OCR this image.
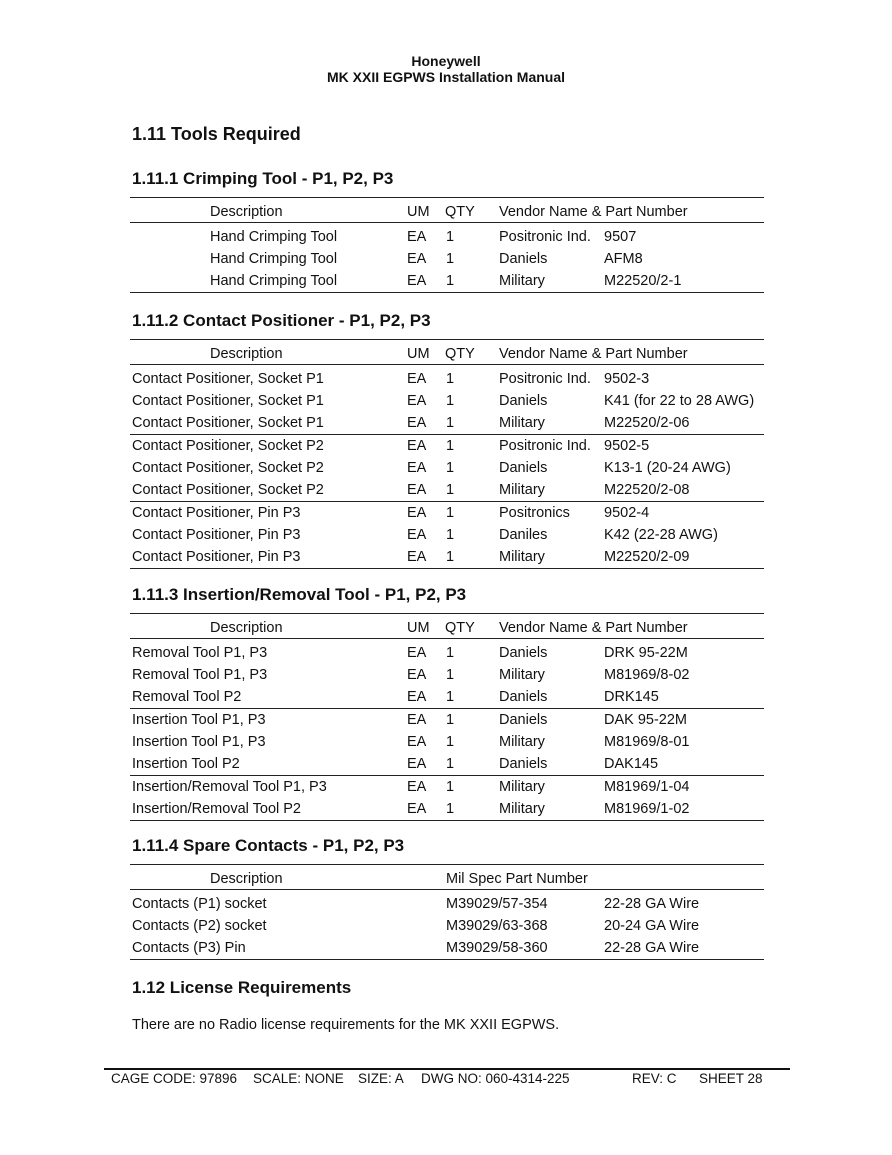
Honeywell
MK XXII EGPWS Installation Manual
1.11 Tools Required
1.11.1 Crimping Tool - P1, P2, P3
Description	UM QTY Vendor Name & Part Number
Hand Crimping Tool	EA 1	Positronic Ind. 9507
Hand Crimping Tool	EA 1	Daniels	AFM8
Hand Crimping Tool	EA 1	Military	M22520/2-1
1.11.2 Contact Positioner - P1, P2, P3
Description	UM QTY Vendor Name & Part Number
Contact Positioner, Socket P1	EA 1	Positronic Ind. 9502-3
Contact Positioner, Socket P1	EA 1	Daniels	K41 (for 22 to 28 AWG)
Contact Positioner, Socket P1	EA 1	Military	M22520/2-06
Contact Positioner, Socket P2	EA 1	Positronic Ind. 9502-5
Contact Positioner, Socket P2	EA 1	Daniels	K13-1 (20-24 AWG)
Contact Positioner, Socket P2	EA 1	Military	M22520/2-08
Contact Positioner, Pin P3	EA 1	Positronics 9502-4
Contact Positioner, Pin P3	EA 1	Daniles	K42 (22-28 AWG)
Contact Positioner, Pin P3	EA 1	Military	M22520/2-09
1.11.3 Insertion/Removal Tool - P1, P2, P3
Description	UM QTY Vendor Name & Part Number
Removal Tool P1, P3	EA 1	Daniels	DRK 95-22M
Removal Tool P1, P3	EA 1	Military	M81969/8-02
Removal Tool P2	EA 1	Daniels	DRK145
Insertion Tool P1, P3	EA 1	Daniels	DAK 95-22M
Insertion Tool P1, P3	EA 1	Military	M81969/8-01
Insertion Tool P2	EA 1	Daniels	DAK145
Insertion/Removal Tool P1, P3	EA 1	Military	M81969/1-04
Insertion/Removal Tool P2	EA 1	Military	M81969/1-02
1.11.4 Spare Contacts - P1, P2, P3
Description	Mil Spec Part Number
Contacts (P1) socket	M39029/57-354	22-28 GA Wire
Contacts (P2) socket	M39029/63-368	20-24 GA Wire
Contacts (P3) Pin	M39029/58-360	22-28 GA Wire
1.12 License Requirements
There are no Radio license requirements for the MK XXII EGPWS.
CAGE CODE: 97896 SCALE: NONE SIZE: A DWG NO: 060-4314-225	REV: C SHEET 28
